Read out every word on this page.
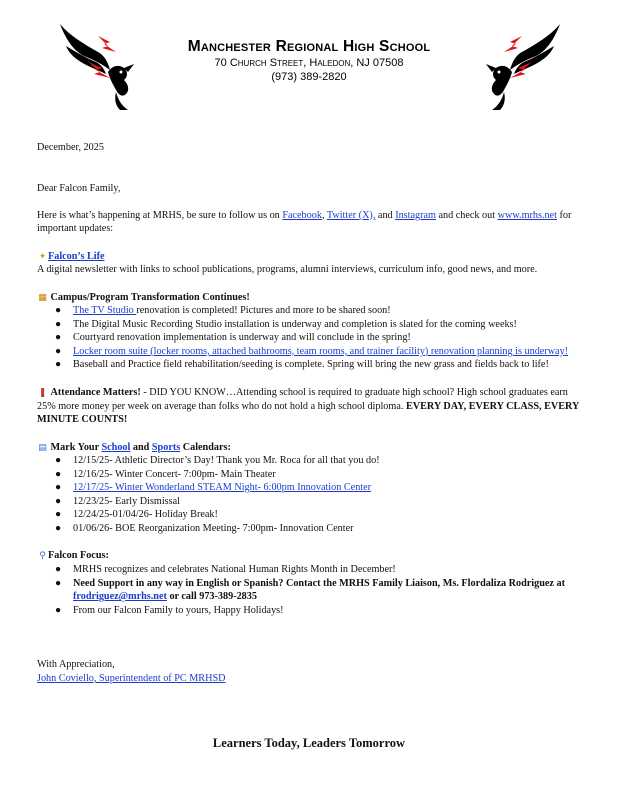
Manchester Regional High School
70 Church Street, Haledon, NJ 07508
(973) 389-2820
December, 2025
Dear Falcon Family,
Here is what’s happening at MRHS, be sure to follow us on Facebook, Twitter (X), and Instagram and check out www.mrhs.net for
important updates:
✦ Falcon’s Life
A digital newsletter with links to school publications, programs, alumni interviews, curriculum info, good news, and more.
▦ Campus/Program Transformation Continues!
● The TV Studio renovation is completed! Pictures and more to be shared soon!
● The Digital Music Recording Studio installation is underway and completion is slated for the coming weeks!
● Courtyard renovation implementation is underway and will conclude in the spring!
● Locker room suite (locker rooms, attached bathrooms, team rooms, and trainer facility) renovation planning is underway!
● Baseball and Practice field rehabilitation/seeding is complete. Spring will bring the new grass and fields back to life!
❚ Attendance Matters! - DID YOU KNOW…Attending school is required to graduate high school? High school graduates earn
25% more money per week on average than folks who do not hold a high school diploma. EVERY DAY, EVERY CLASS, EVERY
MINUTE COUNTS!
▤ Mark Your School and Sports Calendars:
● 12/15/25- Athletic Director’s Day! Thank you Mr. Roca for all that you do!
● 12/16/25- Winter Concert- 7:00pm- Main Theater
● 12/17/25- Winter Wonderland STEAM Night- 6:00pm Innovation Center
● 12/23/25- Early Dismissal
● 12/24/25-01/04/26- Holiday Break!
● 01/06/26- BOE Reorganization Meeting- 7:00pm- Innovation Center
⚲ Falcon Focus:
● MRHS recognizes and celebrates National Human Rights Month in December!
● Need Support in any way in English or Spanish? Contact the MRHS Family Liaison, Ms. Flordaliza Rodriguez at
frodriguez@mrhs.net or call 973-389-2835
● From our Falcon Family to yours, Happy Holidays!
With Appreciation,
John Coviello, Superintendent of PC MRHSD
Learners Today, Leaders Tomorrow
